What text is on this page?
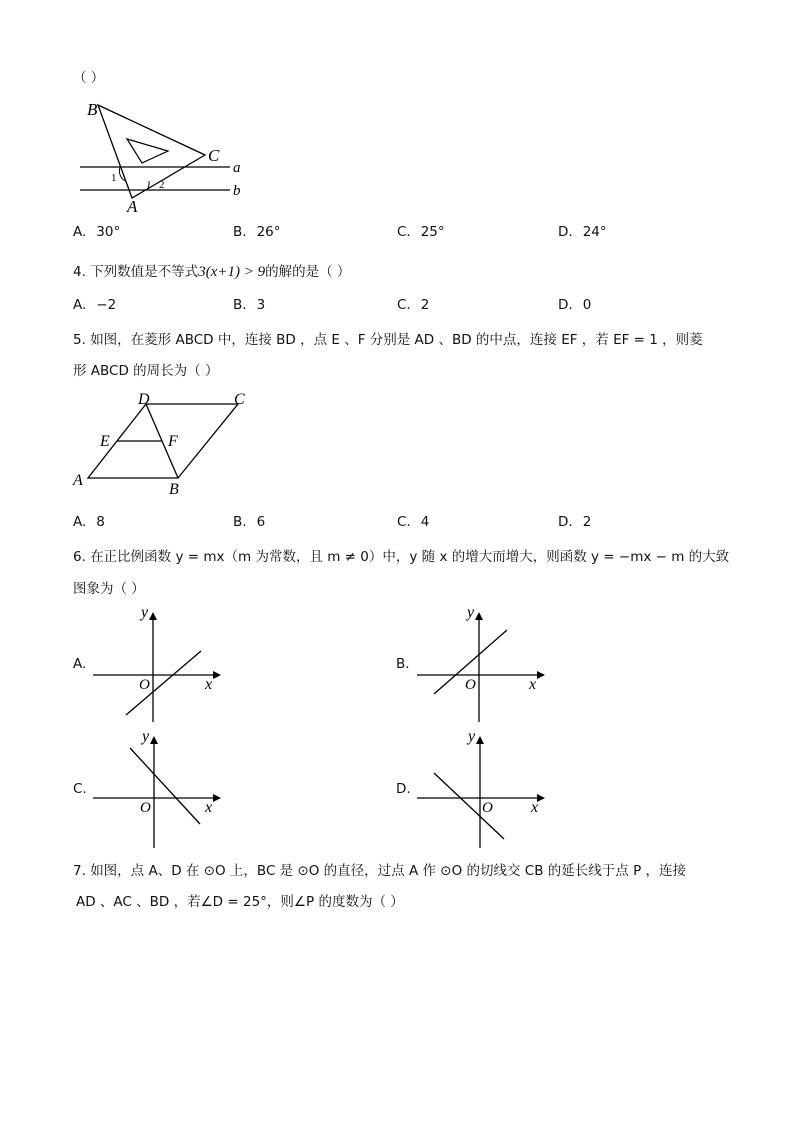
（ ）
B
C
A
a
b
1
2
A. 30°	B. 26°	C. 25°	D. 24°
4. 下列数值是不等式3(x+1) > 9的解的是（ ）
A. −2	B. 3	C. 2	D. 0
5. 如图，在菱形 ABCD 中，连接 BD ，点 E 、F 分别是 AD 、BD 的中点，连接 EF ，若 EF = 1 ，则菱
形 ABCD 的周长为（ ）
A
B
C
D
E	F
A. 8	B. 6	C. 4	D. 2
6. 在正比例函数 y = mx（m 为常数，且 m ≠ 0）中，y 随 x 的增大而增大，则函数 y = −mx − m 的大致
图象为（ ）
A.
y
x
O
B.
y
x
O
C.
y
x
O
D.
y
x
O
7. 如图，点 A、D 在 ⊙O 上，BC 是 ⊙O 的直径，过点 A 作 ⊙O 的切线交 CB 的延长线于点 P ，连接
AD 、AC 、BD ，若∠D = 25°，则∠P 的度数为（ ）
